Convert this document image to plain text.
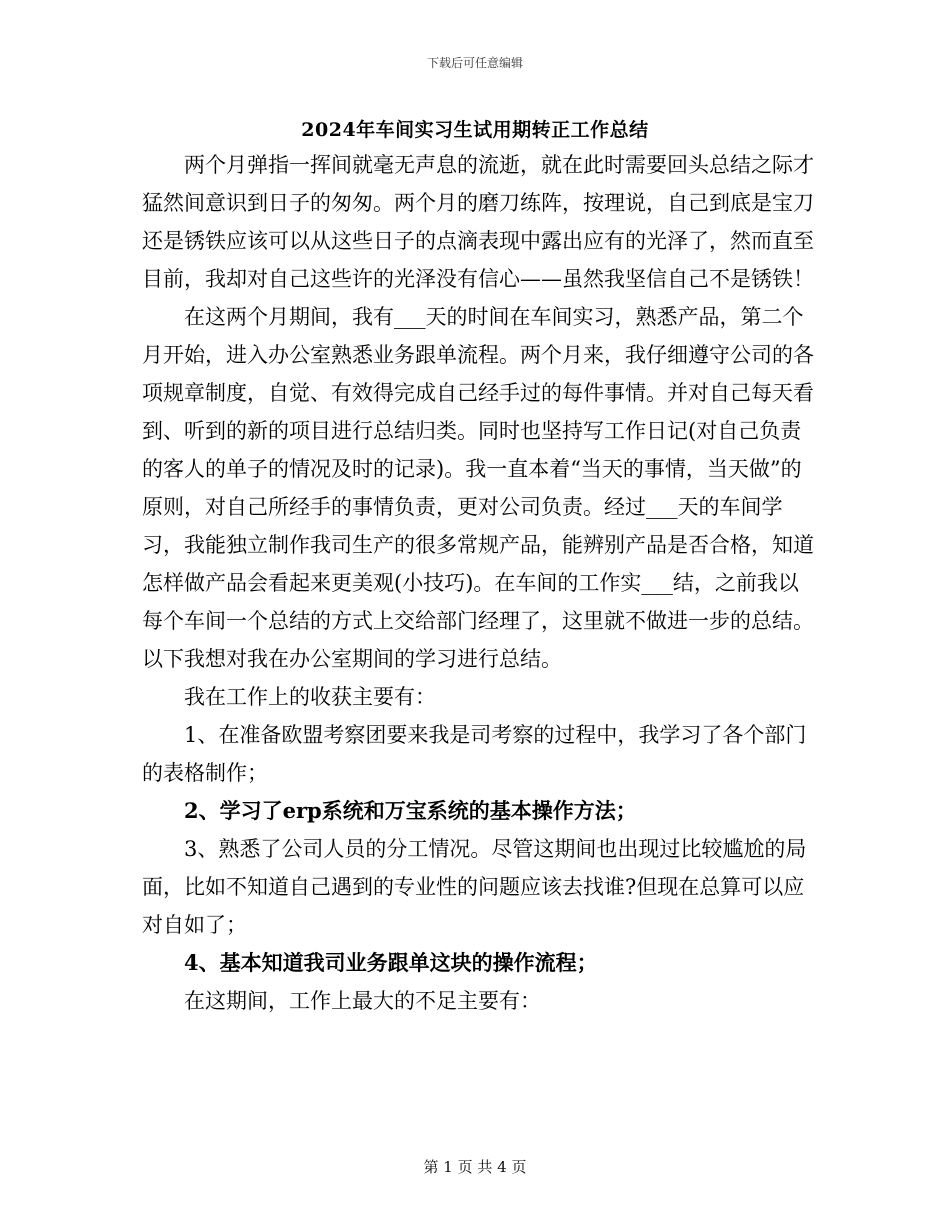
下载后可任意编辑
2024年车间实习生试用期转正工作总结

两个月弹指一挥间就毫无声息的流逝，就在此时需要回头总结之际才猛然间意识到日子的匆匆。两个月的磨刀练阵，按理说，自己到底是宝刀还是锈铁应该可以从这些日子的点滴表现中露出应有的光泽了，然而直至目前，我却对自己这些许的光泽没有信心——虽然我坚信自己不是锈铁！

在这两个月期间，我有___天的时间在车间实习，熟悉产品，第二个月开始，进入办公室熟悉业务跟单流程。两个月来，我仔细遵守公司的各项规章制度，自觉、有效得完成自己经手过的每件事情。并对自己每天看到、听到的新的项目进行总结归类。同时也坚持写工作日记(对自己负责的客人的单子的情况及时的记录)。我一直本着“当天的事情，当天做”的原则，对自己所经手的事情负责，更对公司负责。经过___天的车间学习，我能独立制作我司生产的很多常规产品，能辨别产品是否合格，知道怎样做产品会看起来更美观(小技巧)。在车间的工作实___结，之前我以每个车间一个总结的方式上交给部门经理了，这里就不做进一步的总结。以下我想对我在办公室期间的学习进行总结。

我在工作上的收获主要有：

1、在准备欧盟考察团要来我是司考察的过程中，我学习了各个部门的表格制作；

2、学习了erp系统和万宝系统的基本操作方法；

3、熟悉了公司人员的分工情况。尽管这期间也出现过比较尴尬的局面，比如不知道自己遇到的专业性的问题应该去找谁?但现在总算可以应对自如了；

4、基本知道我司业务跟单这块的操作流程；

在这期间，工作上最大的不足主要有：

第 1 页 共 4 页
